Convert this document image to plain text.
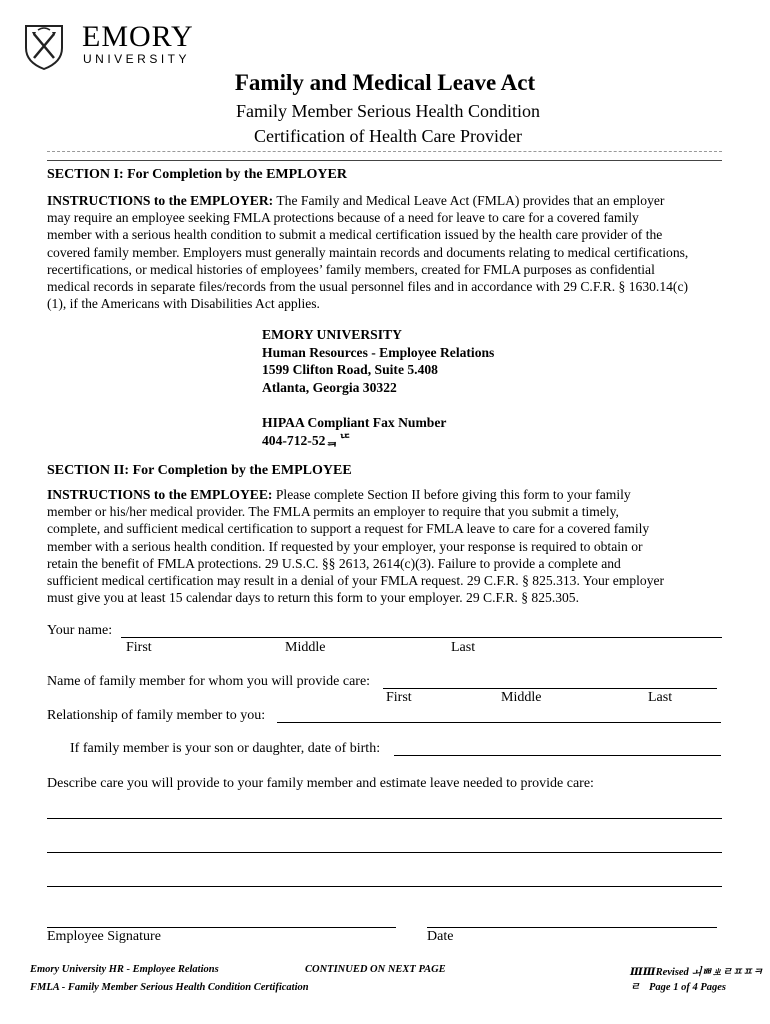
EMORY
UNIVERSITY
Family and Medical Leave Act
Family Member Serious Health Condition
Certification of Health Care Provider
SECTION I: For Completion by the EMPLOYER
INSTRUCTIONS to the EMPLOYER: The Family and Medical Leave Act (FMLA) provides that an employer
may require an employee seeking FMLA protections because of a need for leave to care for a covered family
member with a serious health condition to submit a medical certification issued by the health care provider of the
covered family member. Employers must generally maintain records and documents relating to medical certifications,
recertifications, or medical histories of employees’ family members, created for FMLA purposes as confidential
medical records in separate files/records from the usual personnel files and in accordance with 29 C.F.R. § 1630.14(c)
(1), if the Americans with Disabilities Act applies.
EMORY UNIVERSITY
Human Resources - Employee Relations
1599 Clifton Road, Suite 5.408
Atlanta, Georgia 30322
HIPAA Compliant Fax Number
404-712-52ᆿᄕ
SECTION II: For Completion by the EMPLOYEE
INSTRUCTIONS to the EMPLOYEE: Please complete Section II before giving this form to your family
member or his/her medical provider. The FMLA permits an employer to require that you submit a timely,
complete, and sufficient medical certification to support a request for FMLA leave to care for a covered family
member with a serious health condition. If requested by your employer, your response is required to obtain or
retain the benefit of FMLA protections. 29 U.S.C. §§ 2613, 2614(c)(3). Failure to provide a complete and
sufficient medical certification may result in a denial of your FMLA request. 29 C.F.R. § 825.313. Your employer
must give you at least 15 calendar days to return this form to your employer. 29 C.F.R. § 825.305.
Your name:
First	Middle	Last
Name of family member for whom you will provide care:
First	Middle	Last
Relationship of family member to you:
If family member is your son or daughter, date of birth:
Describe care you will provide to your family member and estimate leave needed to provide care:
Employee Signature	Date
Emory University HR - Employee Relations	CONTINUED ON NEXT PAGE	ⅢⅢRevised ㅚㅃㄓㄹㅍㅍㅋㄹ
FMLA - Family Member Serious Health Condition Certification	Page 1 of 4 Pages
